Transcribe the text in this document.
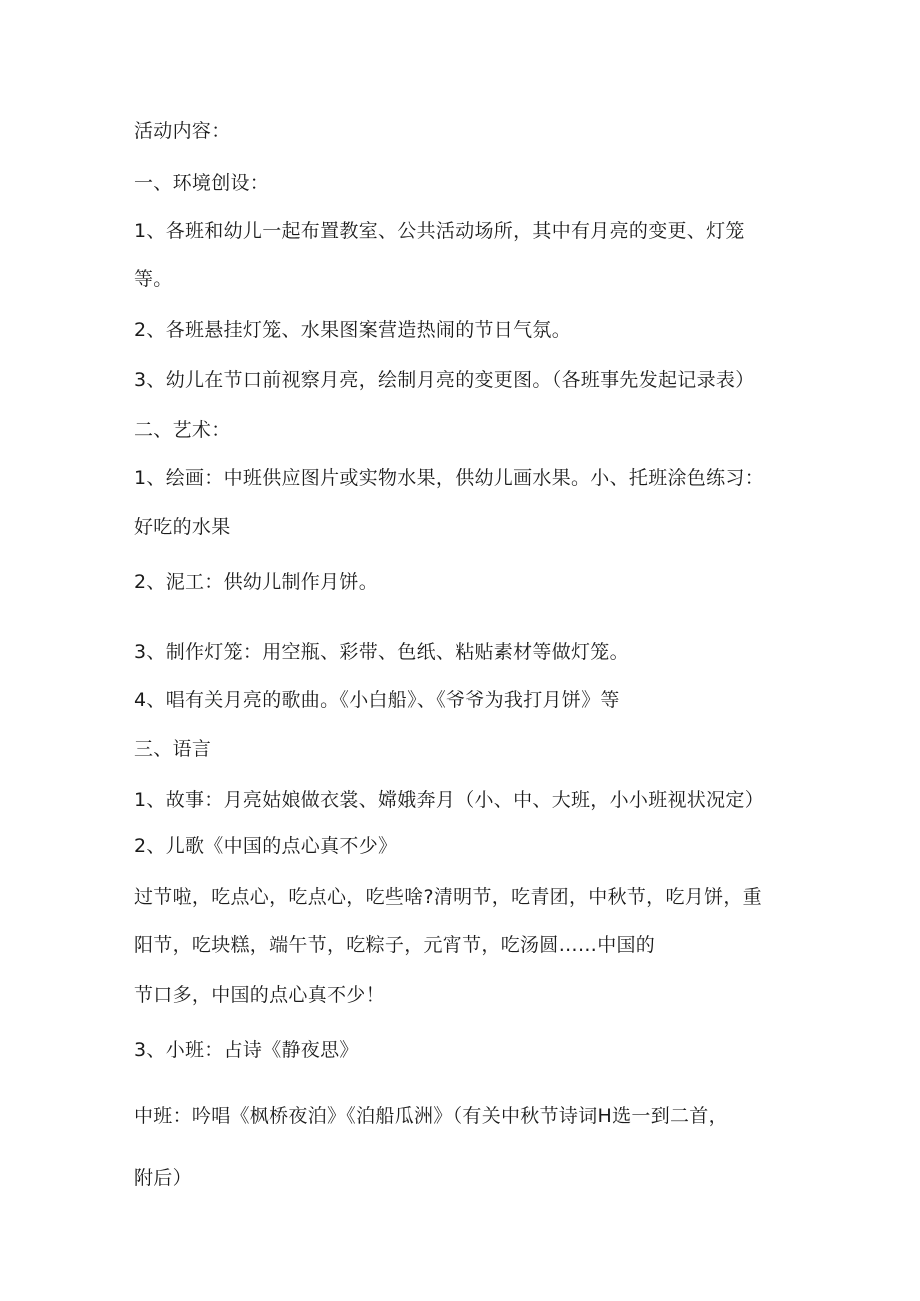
活动内容：
一、环境创设：
1、各班和幼儿一起布置教室、公共活动场所，其中有月亮的变更、灯笼
等。
2、各班悬挂灯笼、水果图案营造热闹的节日气氛。
3、幼儿在节口前视察月亮，绘制月亮的变更图。（各班事先发起记录表）
二、艺术：
1、绘画：中班供应图片或实物水果，供幼儿画水果。小、托班涂色练习：
好吃的水果
2、泥工：供幼儿制作月饼。
3、制作灯笼：用空瓶、彩带、色纸、粘贴素材等做灯笼。
4、唱有关月亮的歌曲。《小白船》、《爷爷为我打月饼》等
三、语言
1、故事：月亮姑娘做衣裳、嫦娥奔月（小、中、大班，小小班视状况定）
2、儿歌《中国的点心真不少》
过节啦，吃点心，吃点心，吃些啥?清明节，吃青团，中秋节，吃月饼，重
阳节，吃块糕，端午节，吃粽子，元宵节，吃汤圆……中国的
节口多，中国的点心真不少！
3、小班：占诗《静夜思》
中班：吟唱《枫桥夜泊》《泊船瓜洲》（有关中秋节诗词H选一到二首，
附后）
